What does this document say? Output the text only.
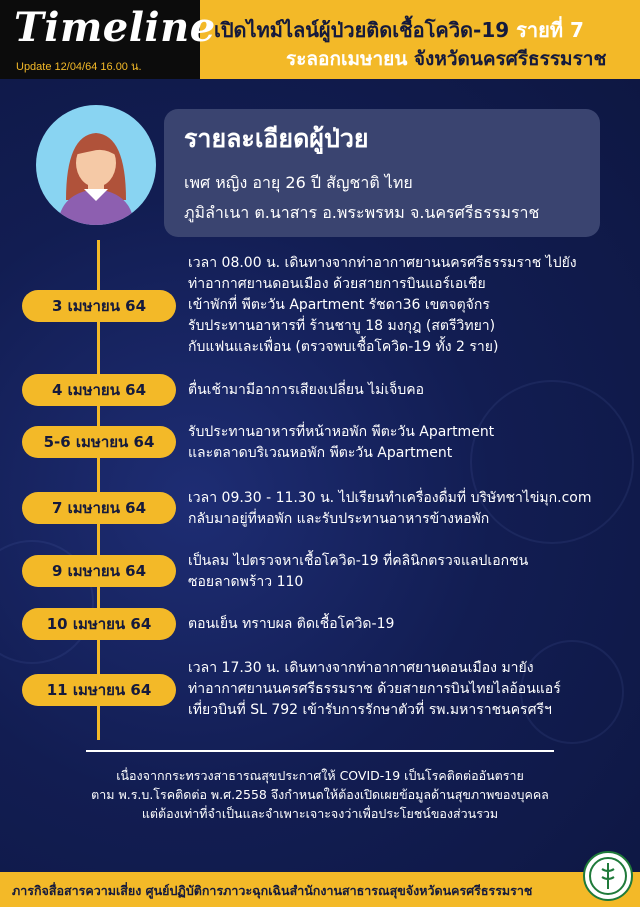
Timeline
Update 12/04/64 16.00 น.
เปิดไทม์ไลน์ผู้ป่วยติดเชื้อโควิด-19 รายที่ 7
ระลอกเมษายน จังหวัดนครศรีธรรมราช
รายละเอียดผู้ป่วย
เพศ หญิง อายุ 26 ปี สัญชาติ ไทย
ภูมิลำเนา ต.นาสาร อ.พระพรหม จ.นครศรีธรรมราช
3 เมษายน 64
เวลา 08.00 น. เดินทางจากท่าอากาศยานนครศรีธรรมราช ไปยัง
ท่าอากาศยานดอนเมือง ด้วยสายการบินแอร์เอเชีย
เข้าพักที่ พีตะวัน Apartment รัชดา36 เขตจตุจักร
รับประทานอาหารที่ ร้านชาบู 18 มงกุฎ (สตรีวิทยา)
กับแฟนและเพื่อน (ตรวจพบเชื้อโควิด-19 ทั้ง 2 ราย)
4 เมษายน 64	ตื่นเช้ามามีอาการเสียงเปลี่ยน ไม่เจ็บคอ
5-6 เมษายน 64
รับประทานอาหารที่หน้าหอพัก พีตะวัน Apartment
และตลาดบริเวณหอพัก พีตะวัน Apartment
7 เมษายน 64
เวลา 09.30 - 11.30 น. ไปเรียนทำเครื่องดื่มที่ บริษัทชาไข่มุก.com
กลับมาอยู่ที่หอพัก และรับประทานอาหารข้างหอพัก
9 เมษายน 64
เป็นลม ไปตรวจหาเชื้อโควิด-19 ที่คลินิกตรวจแลปเอกชน
ซอยลาดพร้าว 110
10 เมษายน 64	ตอนเย็น ทราบผล ติดเชื้อโควิด-19
11 เมษายน 64
เวลา 17.30 น. เดินทางจากท่าอากาศยานดอนเมือง มายัง
ท่าอากาศยานนครศรีธรรมราช ด้วยสายการบินไทยไลอ้อนแอร์
เที่ยวบินที่ SL 792 เข้ารับการรักษาตัวที่ รพ.มหาราชนครศรีฯ
เนื่องจากกระทรวงสาธารณสุขประกาศให้ COVID-19 เป็นโรคติดต่ออันตราย
ตาม พ.ร.บ.โรคติดต่อ พ.ศ.2558 จึงกำหนดให้ต้องเปิดเผยข้อมูลด้านสุขภาพของบุคคล
แต่ต้องเท่าที่จำเป็นและจำเพาะเจาะจงว่าเพื่อประโยชน์ของส่วนรวม
ภารกิจสื่อสารความเสี่ยง ศูนย์ปฏิบัติการภาวะฉุกเฉินสำนักงานสาธารณสุขจังหวัดนครศรีธรรมราช
